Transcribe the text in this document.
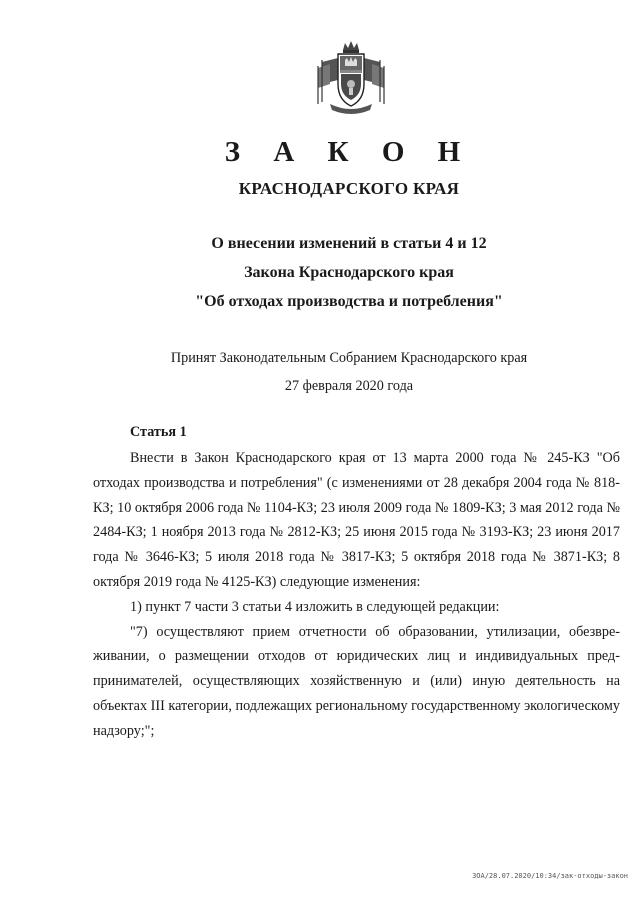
З А К О Н
КРАСНОДАРСКОГО КРАЯ
О внесении изменений в статьи 4 и 12
Закона Краснодарского края
"Об отходах производства и потребления"
Принят Законодательным Собранием Краснодарского края
27 февраля 2020 года
Статья 1

Внести в Закон Краснодарского края от 13 марта 2000 года № 245-КЗ "Об отходах производства и потребления" (с изменениями от 28 декабря 2004 года № 818-КЗ; 10 октября 2006 года № 1104-КЗ; 23 июля 2009 года № 1809-КЗ; 3 мая 2012 года № 2484-КЗ; 1 ноября 2013 года № 2812-КЗ; 25 июня 2015 года № 3193-КЗ; 23 июня 2017 года № 3646-КЗ; 5 июля 2018 года № 3817-КЗ; 5 октября 2018 года № 3871-КЗ; 8 октября 2019 года № 4125-КЗ) следующие изменения:

1) пункт 7 части 3 статьи 4 изложить в следующей редакции:

"7) осуществляют прием отчетности об образовании, утилизации, обезвреживании, о размещении отходов от юридических лиц и индивидуальных предпринимателей, осуществляющих хозяйственную и (или) иную деятельность на объектах III категории, подлежащих региональному государственному экологическому надзору;";

ЗОА/28.07.2020/10:34/зак-отходы-закон
